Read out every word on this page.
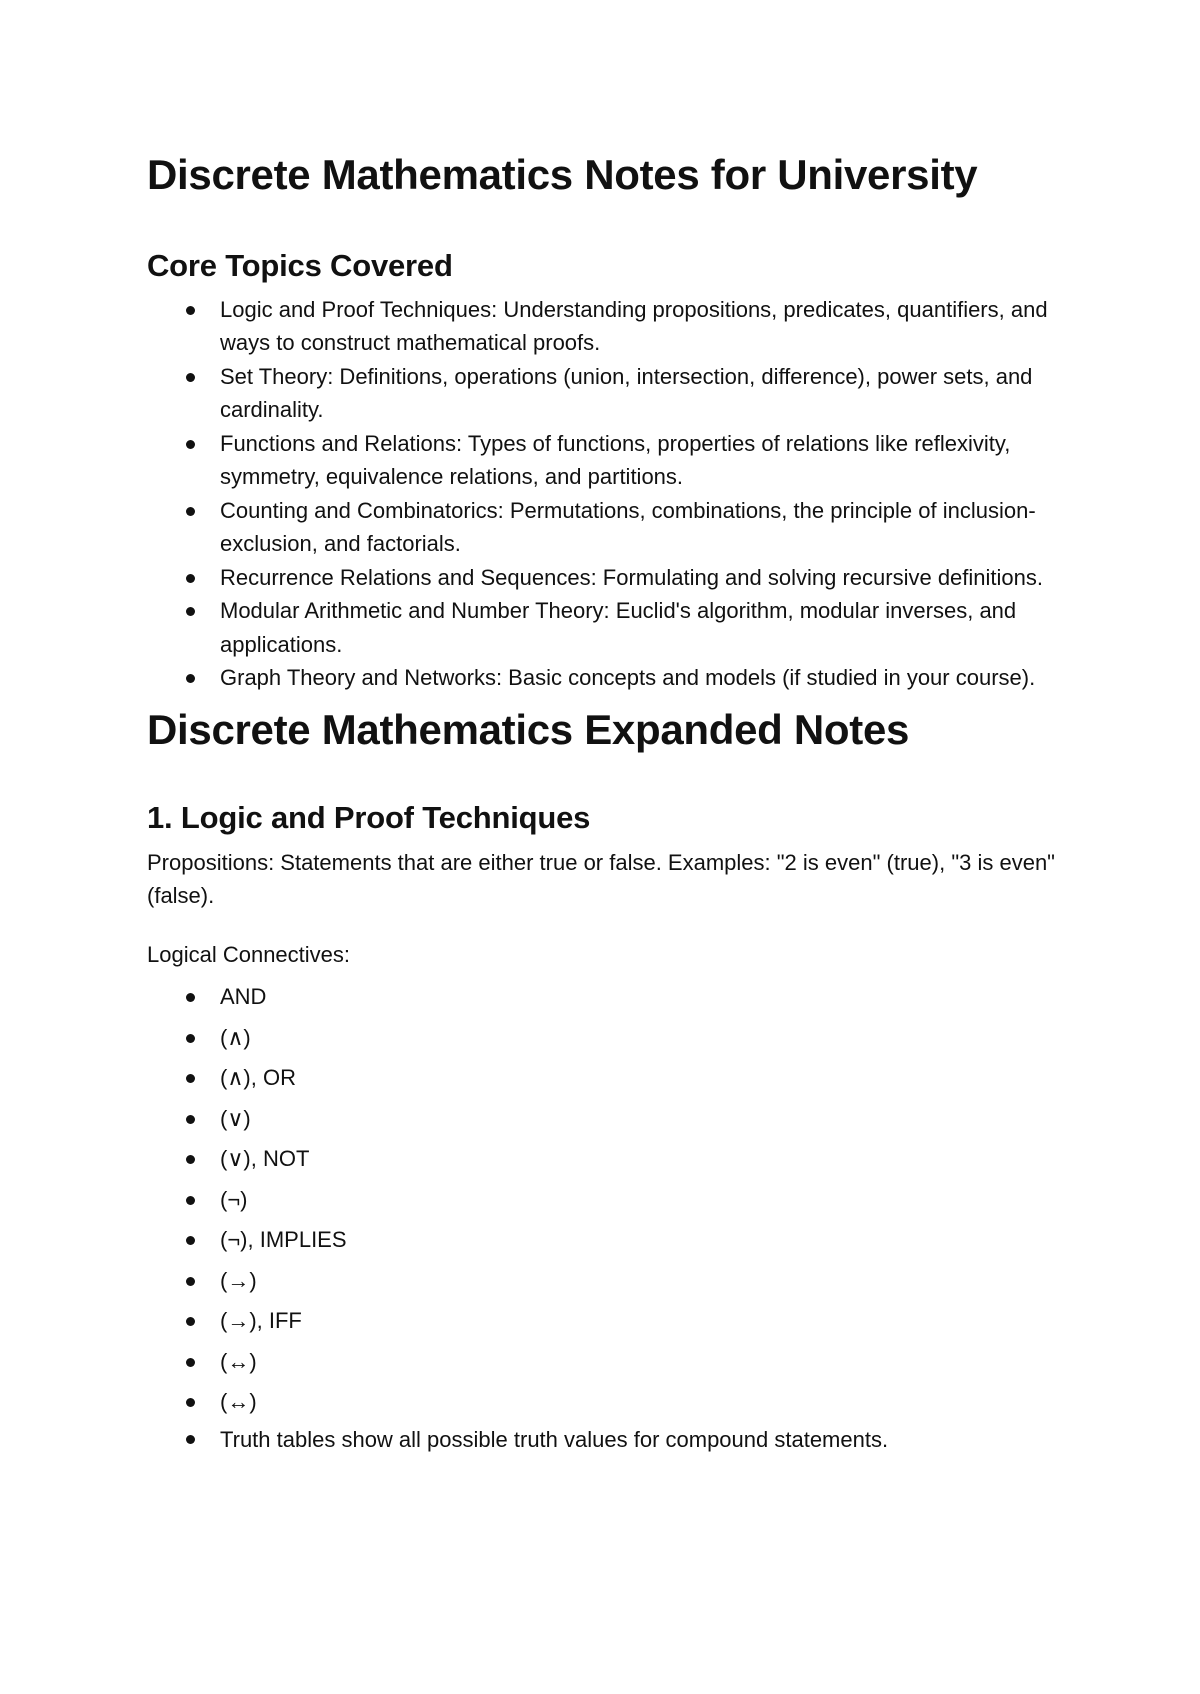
Discrete Mathematics Notes for University
Core Topics Covered
Logic and Proof Techniques: Understanding propositions, predicates, quantifiers, and ways to construct mathematical proofs.
Set Theory: Definitions, operations (union, intersection, difference), power sets, and cardinality.
Functions and Relations: Types of functions, properties of relations like reflexivity, symmetry, equivalence relations, and partitions.
Counting and Combinatorics: Permutations, combinations, the principle of inclusion-exclusion, and factorials.
Recurrence Relations and Sequences: Formulating and solving recursive definitions.
Modular Arithmetic and Number Theory: Euclid's algorithm, modular inverses, and applications.
Graph Theory and Networks: Basic concepts and models (if studied in your course).
Discrete Mathematics Expanded Notes
1. Logic and Proof Techniques

Propositions: Statements that are either true or false. Examples: "2 is even" (true), "3 is even" (false).

Logical Connectives:

AND
(∧)
(∧), OR
(∨)
(∨), NOT
(¬)
(¬), IMPLIES
(→)
(→), IFF
(↔)
(↔)
Truth tables show all possible truth values for compound statements.
